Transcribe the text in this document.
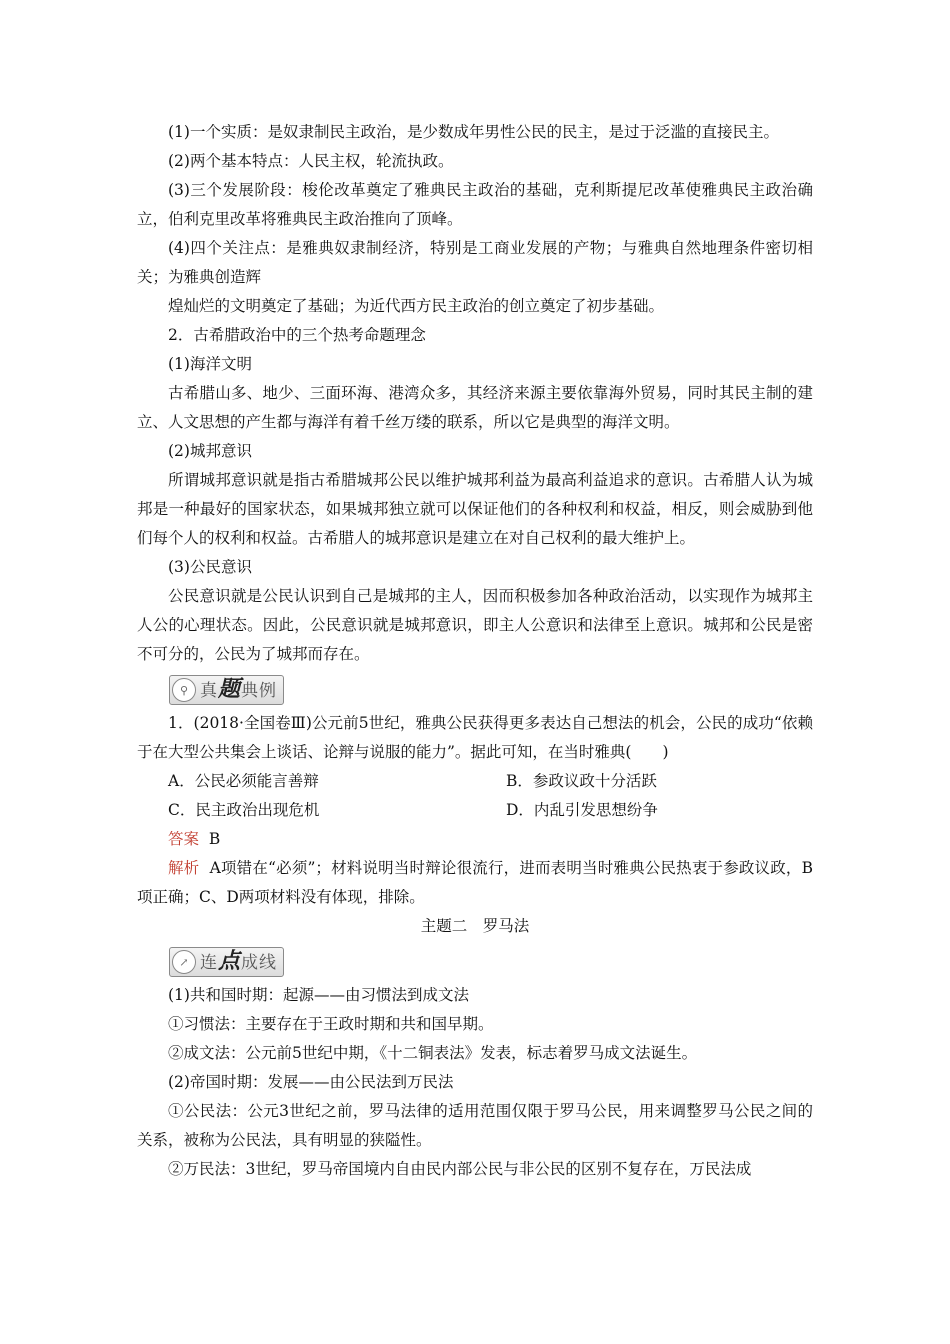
(1)一个实质：是奴隶制民主政治，是少数成年男性公民的民主，是过于泛滥的直接民主。

(2)两个基本特点：人民主权，轮流执政。

(3)三个发展阶段：梭伦改革奠定了雅典民主政治的基础，克利斯提尼改革使雅典民主政治确立，伯利克里改革将雅典民主政治推向了顶峰。

(4)四个关注点：是雅典奴隶制经济，特别是工商业发展的产物；与雅典自然地理条件密切相关；为雅典创造辉

煌灿烂的文明奠定了基础；为近代西方民主政治的创立奠定了初步基础。

2．古希腊政治中的三个热考命题理念

(1)海洋文明

古希腊山多、地少、三面环海、港湾众多，其经济来源主要依靠海外贸易，同时其民主制的建立、人文思想的产生都与海洋有着千丝万缕的联系，所以它是典型的海洋文明。

(2)城邦意识

所谓城邦意识就是指古希腊城邦公民以维护城邦利益为最高利益追求的意识。古希腊人认为城邦是一种最好的国家状态，如果城邦独立就可以保证他们的各种权利和权益，相反，则会威胁到他们每个人的权利和权益。古希腊人的城邦意识是建立在对自己权利的最大维护上。

(3)公民意识

公民意识就是公民认识到自己是城邦的主人，因而积极参加各种政治活动，以实现作为城邦主人公的心理状态。因此，公民意识就是城邦意识，即主人公意识和法律至上意识。城邦和公民是密不可分的，公民为了城邦而存在。

⚲ 真题典例

1．(2018·全国卷Ⅲ)公元前5世纪，雅典公民获得更多表达自己想法的机会，公民的成功“依赖于在大型公共集会上谈话、论辩与说服的能力”。据此可知，在当时雅典(　　)

A．公民必须能言善辩	B．参政议政十分活跃
C．民主政治出现危机	D．内乱引发思想纷争

答案 B

解析 A项错在“必须”；材料说明当时辩论很流行，进而表明当时雅典公民热衷于参政议政，B项正确；C、D两项材料没有体现，排除。

主题二　罗马法

↗ 连点成线

(1)共和国时期：起源——由习惯法到成文法

①习惯法：主要存在于王政时期和共和国早期。

②成文法：公元前5世纪中期，《十二铜表法》发表，标志着罗马成文法诞生。

(2)帝国时期：发展——由公民法到万民法

①公民法：公元3世纪之前，罗马法律的适用范围仅限于罗马公民，用来调整罗马公民之间的关系，被称为公民法，具有明显的狭隘性。

②万民法：3世纪，罗马帝国境内自由民内部公民与非公民的区别不复存在，万民法成
